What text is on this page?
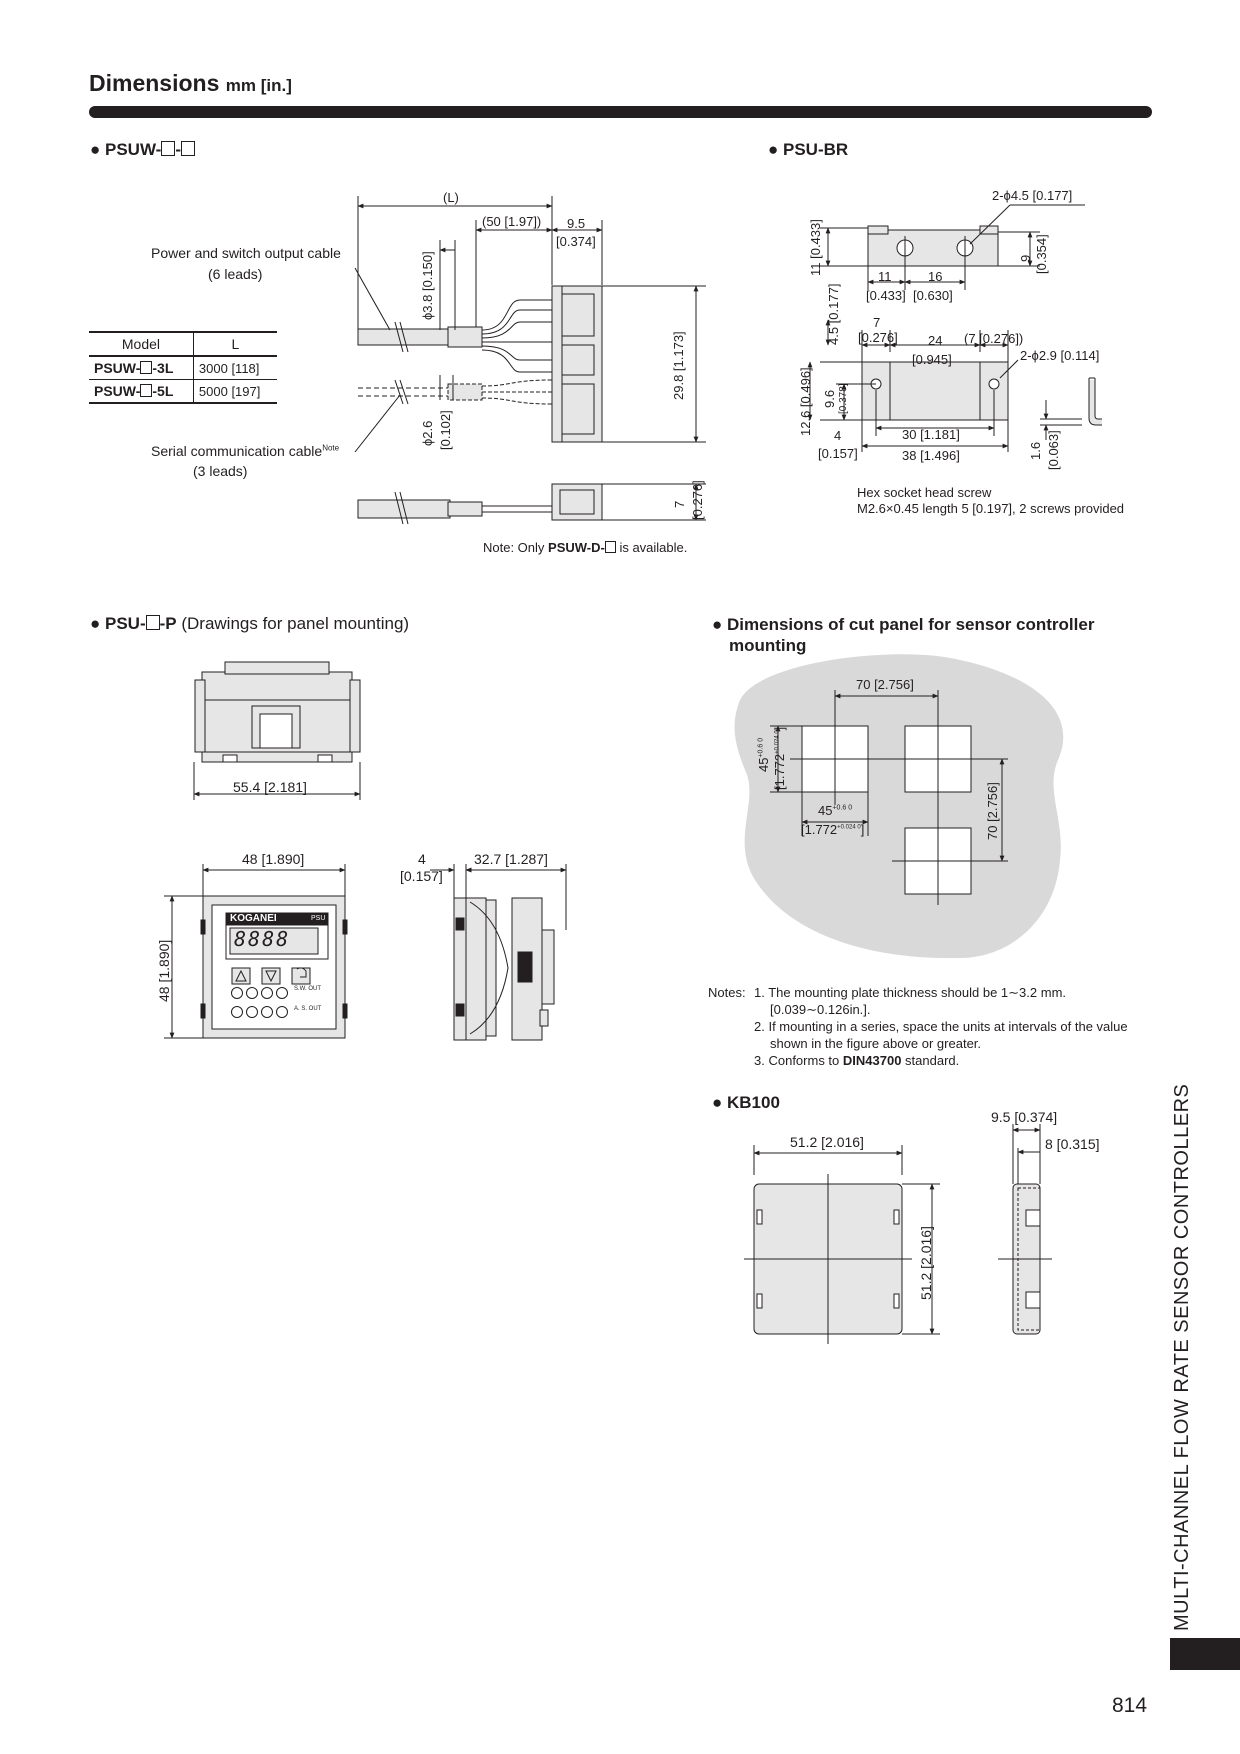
Dimensions mm [in.]
● PSUW- -	● PSU-BR
● PSU- -P (Drawings for panel mounting)	● Dimensions of cut panel for sensor controller
mounting
● KB100
Power and switch output cable
(6 leads)
Serial communication cable$^{Note}$
(3 leads)
(L)
(50 [1.97]) 9.5
[0.374]
ϕ3.8 [0.150]
ϕ2.6 [0.102]
29.8 [1.173]
7 [0.276]
Note: Only PSUW-D- is available.
Model	L
PSUW- -3L	3000 [118]
PSUW- -5L	5000 [197]
2-ϕ4.5 [0.177]
11 [0.433]	9 [0.354]
11
[0.433]
16
[0.630]
4.5 [0.177] 7
[0.276] 24
[0.945]
(7 [0.276])
2-ϕ2.9 [0.114]
12.6 [0.496] 9.6 [0.378]
4
[0.157]
30 [1.181]
38 [1.496]	1.6 [0.063]
Hex socket head screw
M2.6×0.45 length 5 [0.197], 2 screws provided
55.4 [2.181]
48 [1.890]
48 [1.890]
4
[0.157]
32.7 [1.287]
KOGANEI	PSU
8888
S.W. OUT
A. S. OUT
70 [2.756]
$45^{+0.6 0}$
$[1.772^{+0.024 0}]$
$45^{+0.6 0}$
$[1.772^{+0.024 0}]$	70 [2.756]
Notes: 1. The mounting plate thickness should be 1∼3.2 mm.
[0.039∼0.126in.].
2. If mounting in a series, space the units at intervals of the value
shown in the figure above or greater.
3. Conforms to DIN43700 standard.
51.2 [2.016]
51.2 [2.016]
9.5 [0.374]
8 [0.315]	MULTI-CHANNEL FLOW RATE SENSOR CONTROLLERS
814
